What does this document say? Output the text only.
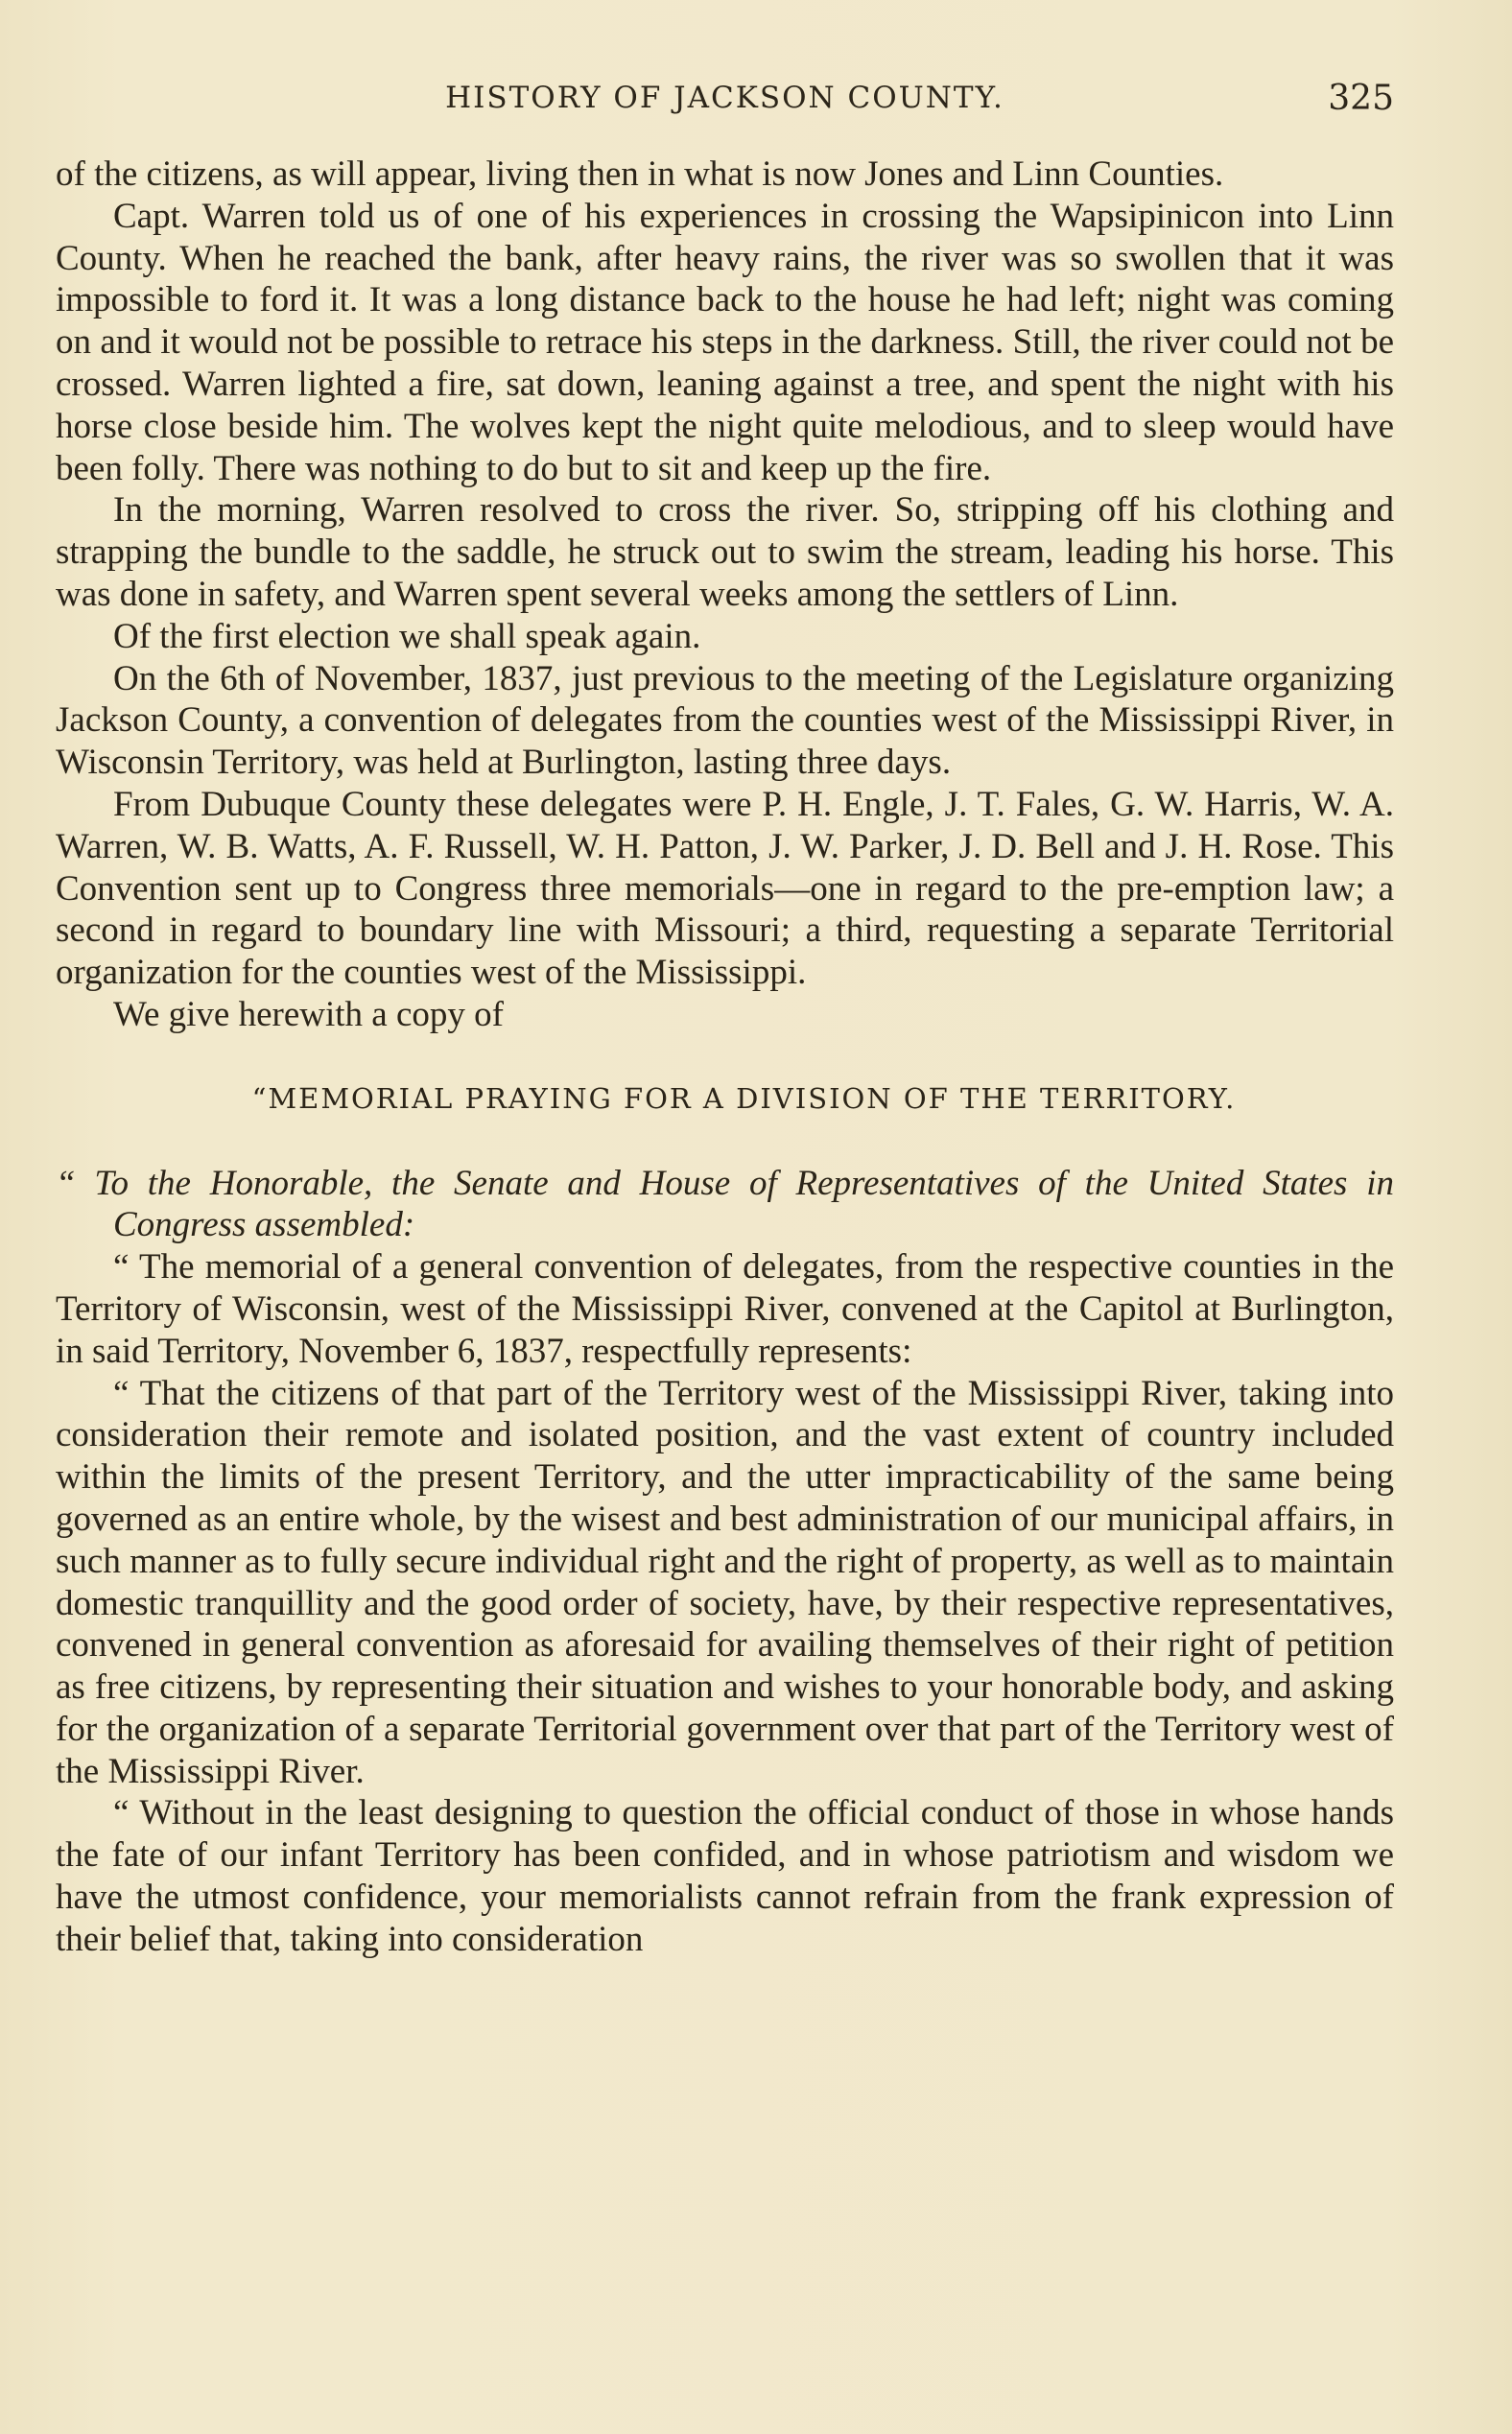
HISTORY OF JACKSON COUNTY.	325

of the citizens, as will appear, living then in what is now Jones and Linn Counties.

Capt. Warren told us of one of his experiences in crossing the Wapsipinicon into Linn County. When he reached the bank, after heavy rains, the river was so swollen that it was impossible to ford it. It was a long distance back to the house he had left; night was coming on and it would not be possible to retrace his steps in the darkness. Still, the river could not be crossed. Warren lighted a fire, sat down, leaning against a tree, and spent the night with his horse close beside him. The wolves kept the night quite melodious, and to sleep would have been folly. There was nothing to do but to sit and keep up the fire.

In the morning, Warren resolved to cross the river. So, stripping off his clothing and strapping the bundle to the saddle, he struck out to swim the stream, leading his horse. This was done in safety, and Warren spent several weeks among the settlers of Linn.

Of the first election we shall speak again.

On the 6th of November, 1837, just previous to the meeting of the Legislature organizing Jackson County, a convention of delegates from the counties west of the Mississippi River, in Wisconsin Territory, was held at Burlington, lasting three days.

From Dubuque County these delegates were P. H. Engle, J. T. Fales, G. W. Harris, W. A. Warren, W. B. Watts, A. F. Russell, W. H. Patton, J. W. Parker, J. D. Bell and J. H. Rose. This Convention sent up to Congress three memorials—one in regard to the pre-emption law; a second in regard to boundary line with Missouri; a third, requesting a separate Territorial organization for the counties west of the Mississippi.

We give herewith a copy of

“MEMORIAL PRAYING FOR A DIVISION OF THE TERRITORY.

“ To the Honorable, the Senate and House of Representatives of the United States in Congress assembled:

“ The memorial of a general convention of delegates, from the respective counties in the Territory of Wisconsin, west of the Mississippi River, convened at the Capitol at Burlington, in said Territory, November 6, 1837, respectfully represents:

“ That the citizens of that part of the Territory west of the Mississippi River, taking into consideration their remote and isolated position, and the vast extent of country included within the limits of the present Territory, and the utter impracticability of the same being governed as an entire whole, by the wisest and best administration of our municipal affairs, in such manner as to fully secure individual right and the right of property, as well as to maintain domestic tranquillity and the good order of society, have, by their respective representatives, convened in general convention as aforesaid for availing themselves of their right of petition as free citizens, by representing their situation and wishes to your honorable body, and asking for the organization of a separate Territorial government over that part of the Territory west of the Mississippi River.

“ Without in the least designing to question the official conduct of those in whose hands the fate of our infant Territory has been confided, and in whose patriotism and wisdom we have the utmost confidence, your memorialists cannot refrain from the frank expression of their belief that, taking into consideration
